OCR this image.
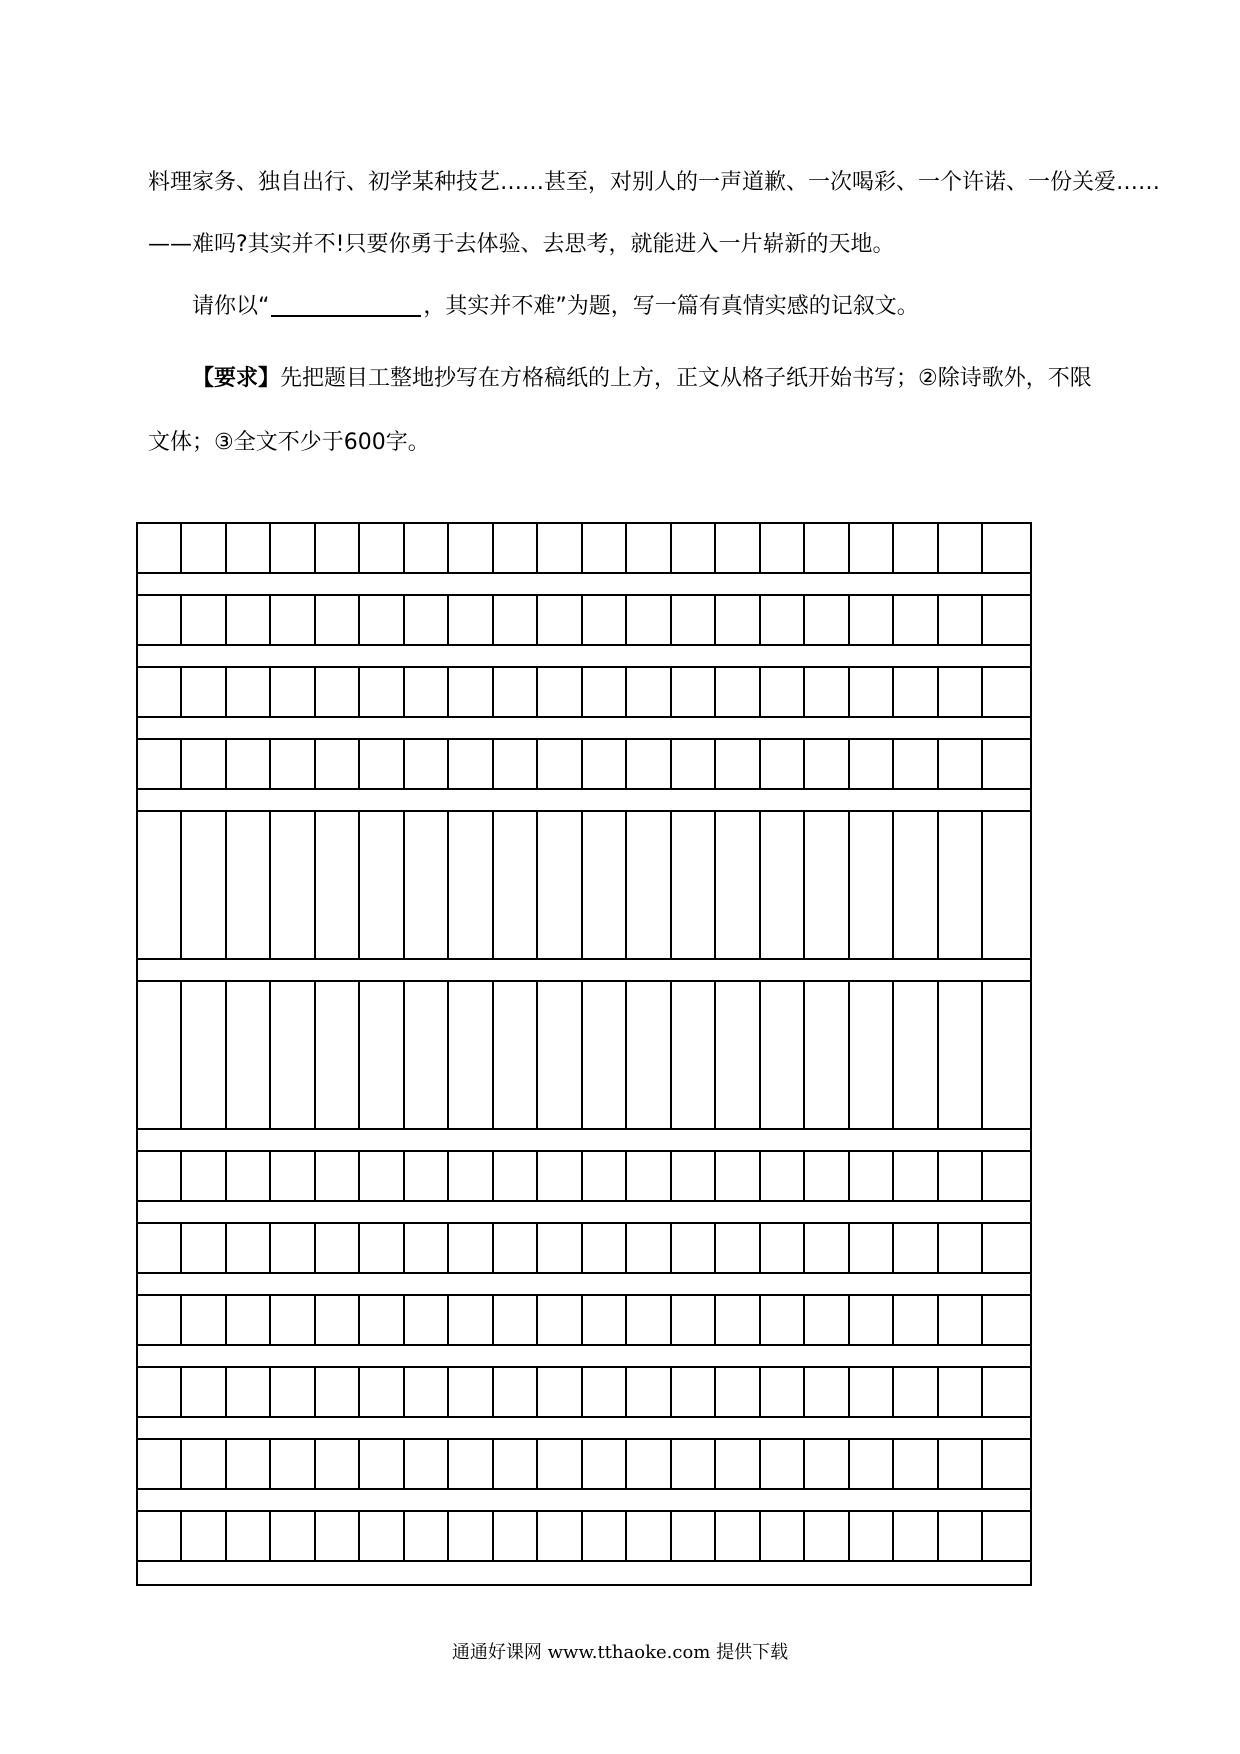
料理家务、独自出行、初学某种技艺……甚至，对别人的一声道歉、一次喝彩、一个许诺、一份关爱……
——难吗?其实并不!只要你勇于去体验、去思考，就能进入一片崭新的天地。
请你以“	，其实并不难”为题，写一篇有真情实感的记叙文。
【要求】先把题目工整地抄写在方格稿纸的上方，正文从格子纸开始书写；②除诗歌外，不限
文体；③全文不少于600字。
通通好课网 www.tthaoke.com 提供下载
